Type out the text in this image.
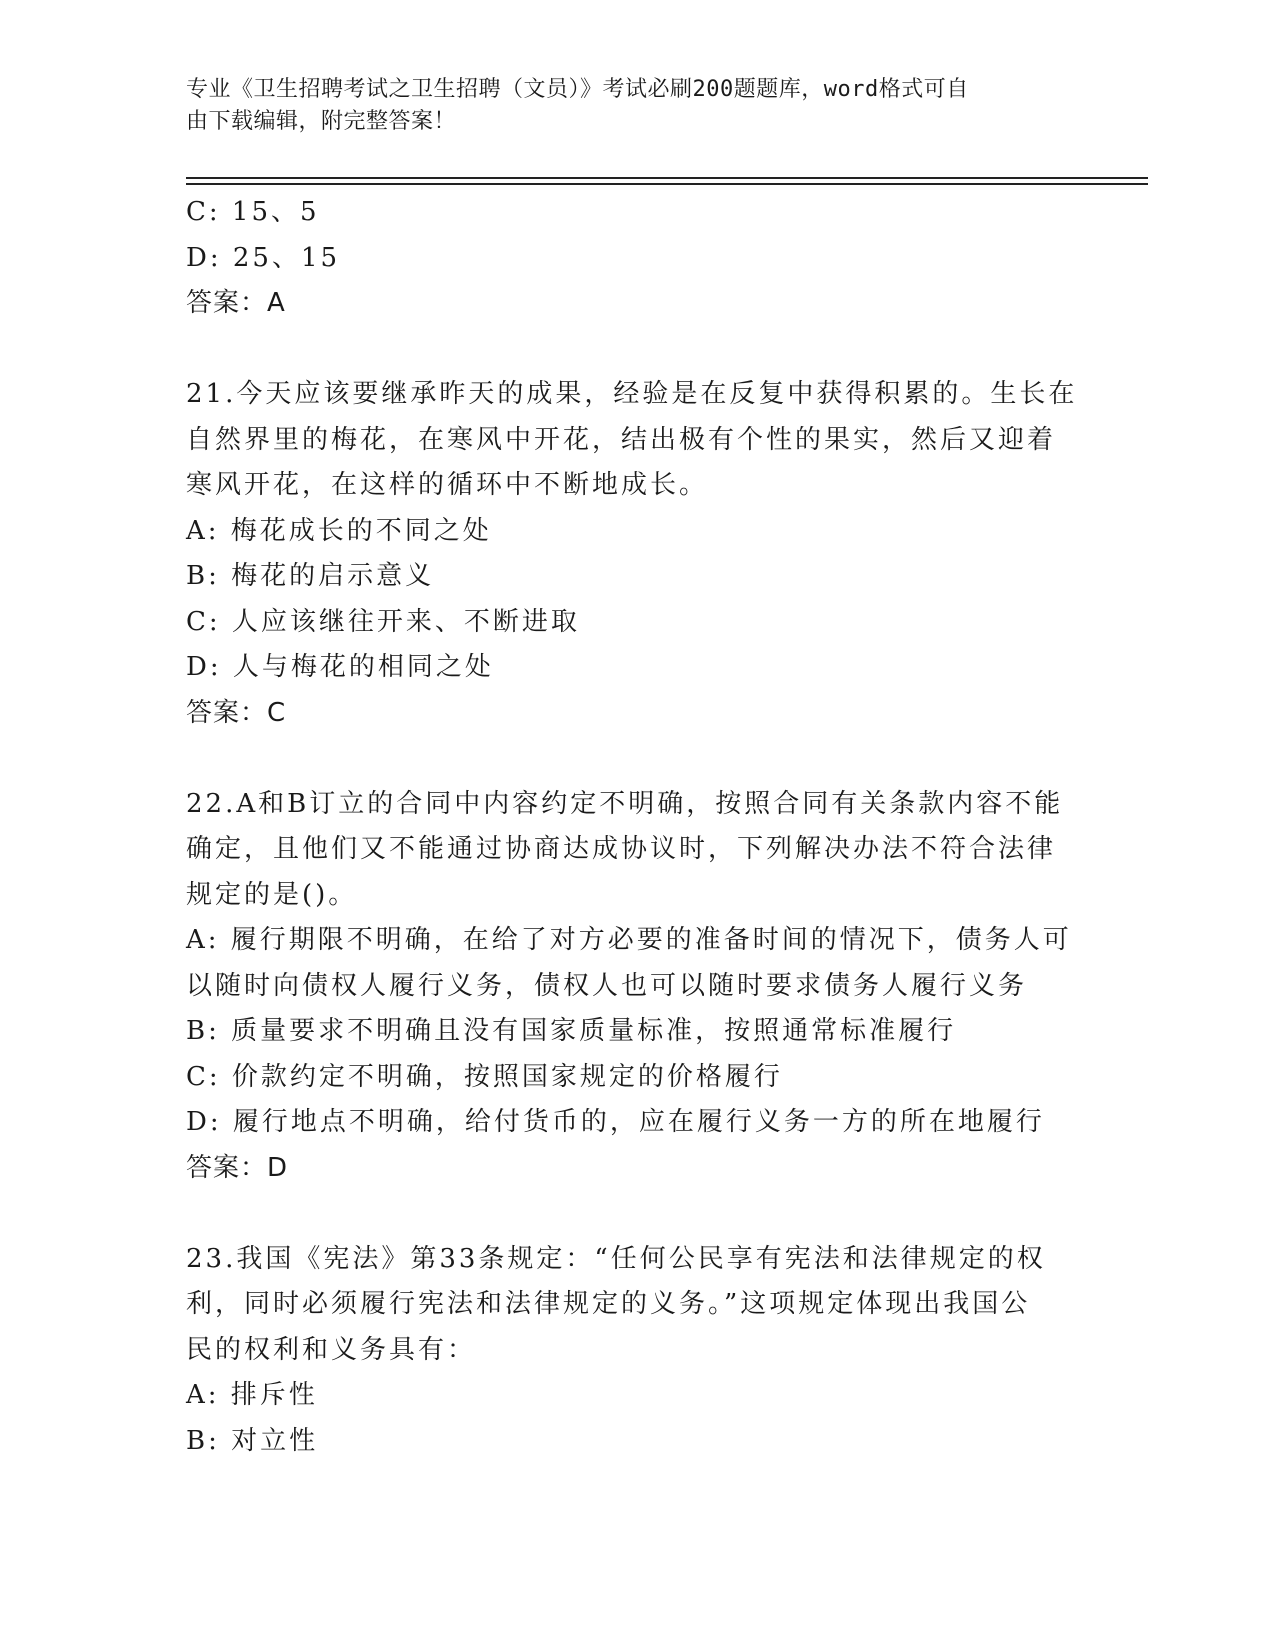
专业《卫生招聘考试之卫生招聘（文员）》考试必刷200题题库，word格式可自
由下载编辑，附完整答案！
C: 15、5
D: 25、15
答案：A
21.今天应该要继承昨天的成果，经验是在反复中获得积累的。生长在
自然界里的梅花，在寒风中开花，结出极有个性的果实，然后又迎着
寒风开花，在这样的循环中不断地成长。
A: 梅花成长的不同之处
B: 梅花的启示意义
C: 人应该继往开来、不断进取
D: 人与梅花的相同之处
答案：C
22.A和B订立的合同中内容约定不明确，按照合同有关条款内容不能
确定，且他们又不能通过协商达成协议时，下列解决办法不符合法律
规定的是()。
A: 履行期限不明确，在给了对方必要的准备时间的情况下，债务人可
以随时向债权人履行义务，债权人也可以随时要求债务人履行义务
B: 质量要求不明确且没有国家质量标准，按照通常标准履行
C: 价款约定不明确，按照国家规定的价格履行
D: 履行地点不明确，给付货币的，应在履行义务一方的所在地履行
答案：D
23.我国《宪法》第33条规定：“任何公民享有宪法和法律规定的权
利，同时必须履行宪法和法律规定的义务。”这项规定体现出我国公
民的权利和义务具有：
A: 排斥性
B: 对立性
